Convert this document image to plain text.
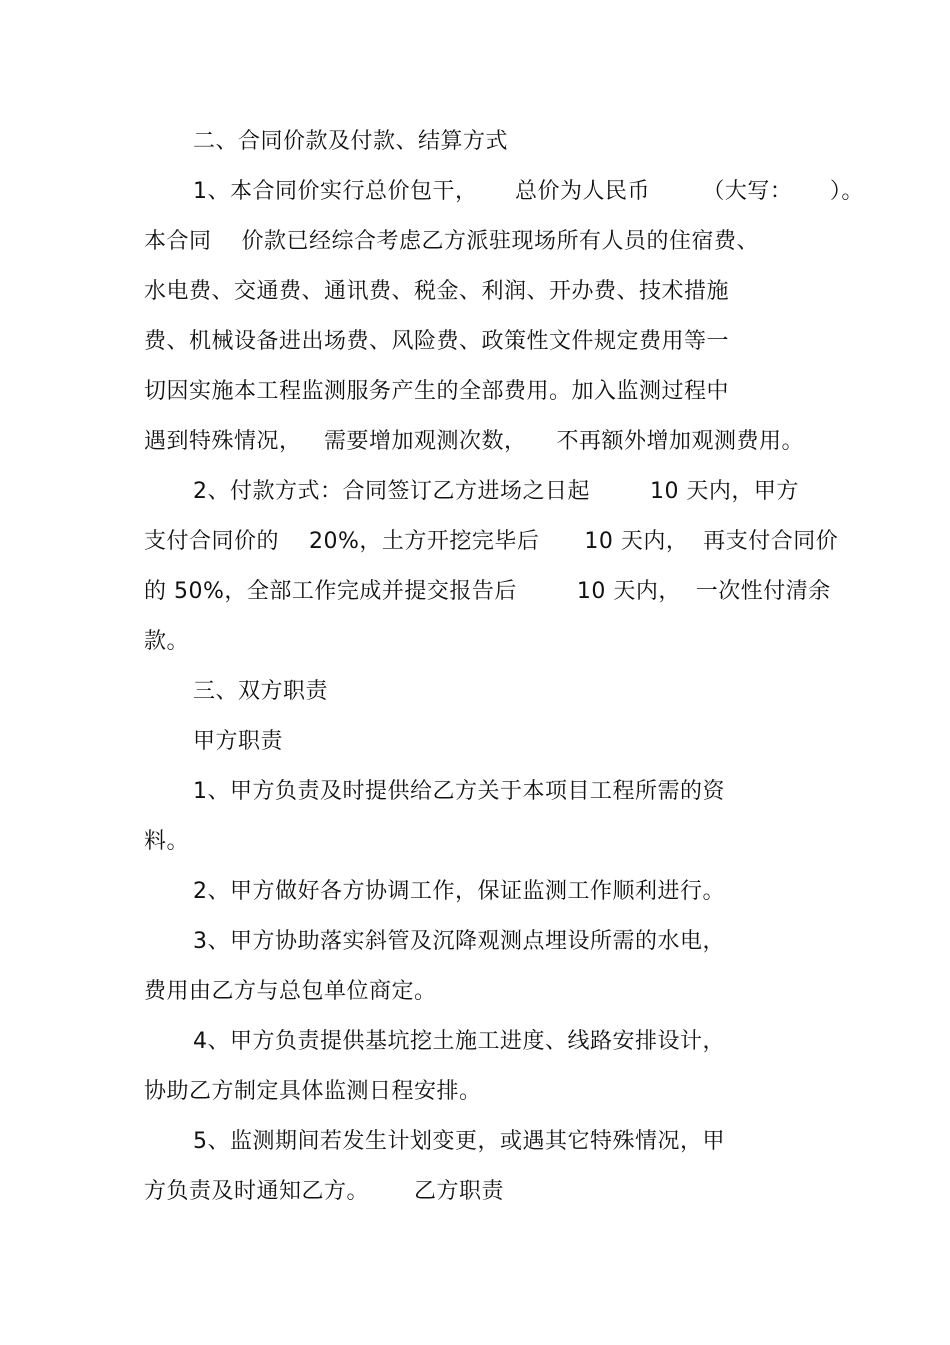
二、合同价款及付款、结算方式
1、本合同价实行总价包干，     总价为人民币       （大写：     ）。
本合同    价款已经综合考虑乙方派驻现场所有人员的住宿费、
水电费、交通费、通讯费、税金、利润、开办费、技术措施
费、机械设备进出场费、风险费、政策性文件规定费用等一
切因实施本工程监测服务产生的全部费用。加入监测过程中
遇到特殊情况，   需要增加观测次数，    不再额外增加观测费用。
2、付款方式：合同签订乙方进场之日起        10 天内，甲方
支付合同价的    20%，土方开挖完毕后      10 天内，  再支付合同价
的 50%，全部工作完成并提交报告后        10 天内，  一次性付清余
款。
三、双方职责
甲方职责
1、甲方负责及时提供给乙方关于本项目工程所需的资
料。
2、甲方做好各方协调工作，保证监测工作顺利进行。
3、甲方协助落实斜管及沉降观测点埋设所需的水电，
费用由乙方与总包单位商定。
4、甲方负责提供基坑挖土施工进度、线路安排设计，
协助乙方制定具体监测日程安排。
5、监测期间若发生计划变更，或遇其它特殊情况，甲
方负责及时通知乙方。      乙方职责
